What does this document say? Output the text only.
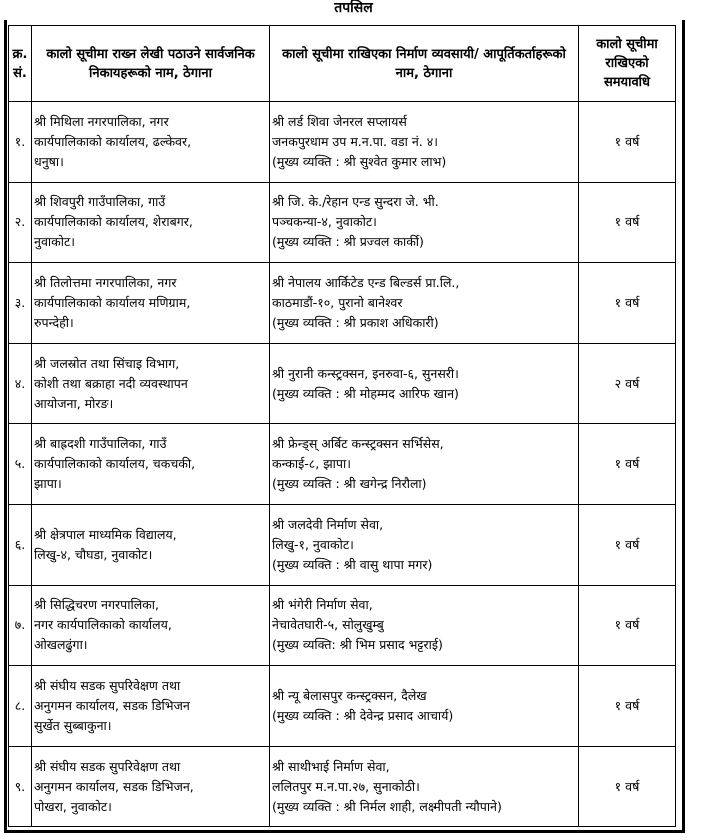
तपसिल
क्र. सं.	कालो सूचीमा राख्न लेखी पठाउने सार्वजनिक निकायहरूको नाम, ठेगाना	कालो सूचीमा राखिएका निर्माण व्यवसायी/ आपूर्तिकर्ताहरूको नाम, ठेगाना	कालो सूचीमा राखिएको समयावधि
१.	श्री मिथिला नगरपालिका, नगर
कार्यपालिकाको कार्यालय, ढल्केवर,
धनुषा।	श्री लर्ड शिवा जेनरल सप्लायर्स
जनकपुरधाम उप म.न.पा. वडा नं. ४।
(मुख्य व्यक्ति : श्री सुश्वेत कुमार लाभ)	१ वर्ष
२.	श्री शिवपुरी गाउँपालिका, गाउँ
कार्यपालिकाको कार्यालय, शेराबगर,
नुवाकोट।	श्री जि. के./रेहान एन्ड सुन्दरा जे. भी.
पञ्चकन्या-४, नुवाकोट।
(मुख्य व्यक्ति : श्री प्रज्वल कार्की)	१ वर्ष
३.	श्री तिलोत्तमा नगरपालिका, नगर
कार्यपालिकाको कार्यालय मणिग्राम,
रुपन्देही।	श्री नेपालय आर्किटेड एन्ड बिल्डर्स प्रा.लि.,
काठमाडौं-१०, पुरानो बानेश्वर
(मुख्य व्यक्ति : श्री प्रकाश अधिकारी)	१ वर्ष
४.	श्री जलस्रोत तथा सिंचाइ विभाग,
कोशी तथा बक्राहा नदी व्यवस्थापन
आयोजना, मोरङ।	श्री नुरानी कन्स्ट्रक्सन, इनरुवा-६, सुनसरी।
(मुख्य व्यक्ति : श्री मोहम्मद आरिफ खान)	२ वर्ष
५.	श्री बाह्रदशी गाउँपालिका, गाउँ
कार्यपालिकाको कार्यालय, चकचकी,
झापा।	श्री फ्रेन्ड्स् अर्बिट कन्स्ट्रक्सन सर्भिसेस,
कन्काई-८, झापा।
(मुख्य व्यक्ति : श्री खगेन्द्र निरौला)	१ वर्ष
६.	श्री क्षेत्रपाल माध्यमिक विद्यालय,
लिखु-४, चौघडा, नुवाकोट।	श्री जलदेवी निर्माण सेवा,
लिखु-१, नुवाकोट।
(मुख्य व्यक्ति : श्री वासु थापा मगर)	१ वर्ष
७.	श्री सिद्धिचरण नगरपालिका,
नगर कार्यपालिकाको कार्यालय,
ओखलढुंगा।	श्री भंगेरी निर्माण सेवा,
नेचावेतघारी-५, सोलुखुम्बु
(मुख्य व्यक्ति: श्री भिम प्रसाद भट्टराई)	१ वर्ष
८.	श्री संघीय सडक सुपरिवेक्षण तथा
अनुगमन कार्यालय, सडक डिभिजन
सुर्खेत सुब्बाकुना।	श्री न्यू बेलासपुर कन्स्ट्रक्सन, दैलेख
(मुख्य व्यक्ति : श्री देवेन्द्र प्रसाद आचार्य)	१ वर्ष
९.	श्री संघीय सडक सुपरिवेक्षण तथा
अनुगमन कार्यालय, सडक डिभिजन,
पोखरा, नुवाकोट।	श्री साथीभाई निर्माण सेवा,
ललितपुर म.न.पा.२७, सुनाकोठी।
(मुख्य व्यक्ति : श्री निर्मल शाही, लक्ष्मीपती न्यौपाने)	१ वर्ष
